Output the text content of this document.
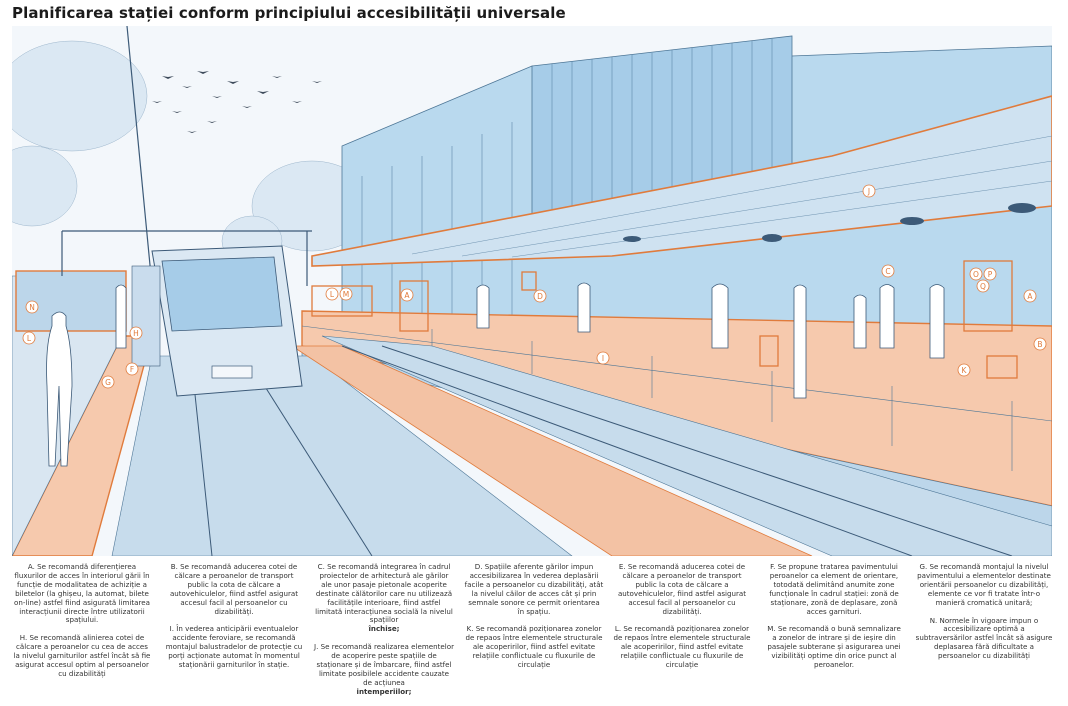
Planificarea stației conform principiului accesibilității universale
A
A
B
C
D
F
G
H
I
J
K
L
L
M
N
O P
Q

A. Se recomandă diferențierea fluxurilor de acces în interiorul gării în funcție de modalitatea de achiziție a biletelor (la ghișeu, la automat, bilete on-line) astfel fiind asigurată limitarea interacțiunii directe între utilizatorii spațiului.

H. Se recomandă alinierea cotei de călcare a peroanelor cu cea de acces la nivelul garniturilor astfel încât să fie asigurat accesul optim al persoanelor cu dizabilități

B. Se recomandă aducerea cotei de călcare a peroanelor de transport public la cota de călcare a autovehiculelor, fiind astfel asigurat accesul facil al persoanelor cu dizabilități.

I. În vederea anticipării eventualelor accidente feroviare, se recomandă montajul balustradelor de protecție cu porți acționate automat în momentul staționării garniturilor în stație.

C. Se recomandă integrarea în cadrul proiectelor de arhitectură ale gărilor ale unor pasaje pietonale acoperite destinate călătorilor care nu utilizează facilitățile interioare, fiind astfel limitată interacțiunea socială la nivelul spațiilor
închise;

J. Se recomandă realizarea elementelor de acoperire peste spațiile de staționare și de îmbarcare, fiind astfel limitate posibilele accidente cauzate de acțiunea
intemperiilor;

D. Spațiile aferente gărilor impun accesibilizarea în vederea deplasării facile a persoanelor cu dizabilități, atât la nivelul căilor de acces cât și prin semnale sonore ce permit orientarea în spațiu.

K. Se recomandă poziționarea zonelor de repaos între elementele structurale ale acoperirilor, fiind astfel evitate relațiile conflictuale cu fluxurile de circulație

E. Se recomandă aducerea cotei de călcare a peroanelor de transport public la cota de călcare a autovehiculelor, fiind astfel asigurat accesul facil al persoanelor cu dizabilități.

L. Se recomandă poziționarea zonelor de repaos între elementele structurale ale acoperirilor, fiind astfel evitate relațiile conflictuale cu fluxurile de circulație

F. Se propune tratarea pavimentului peroanelor ca element de orientare, totodată delimitând anumite zone funcționale în cadrul stației: zonă de staționare, zonă de deplasare, zonă acces garnituri.

M. Se recomandă o bună semnalizare a zonelor de intrare și de ieșire din pasajele subterane și asigurarea unei vizibilități optime din orice punct al peroanelor.

G. Se recomandă montajul la nivelul pavimentului a elementelor destinate orientării persoanelor cu dizabilități, elemente ce vor fi tratate într-o manieră cromatică unitară;

N. Normele în vigoare impun o accesibilizare optimă a subtraversărilor astfel încât să asigure deplasarea fără dificultate a persoanelor cu dizabilități
